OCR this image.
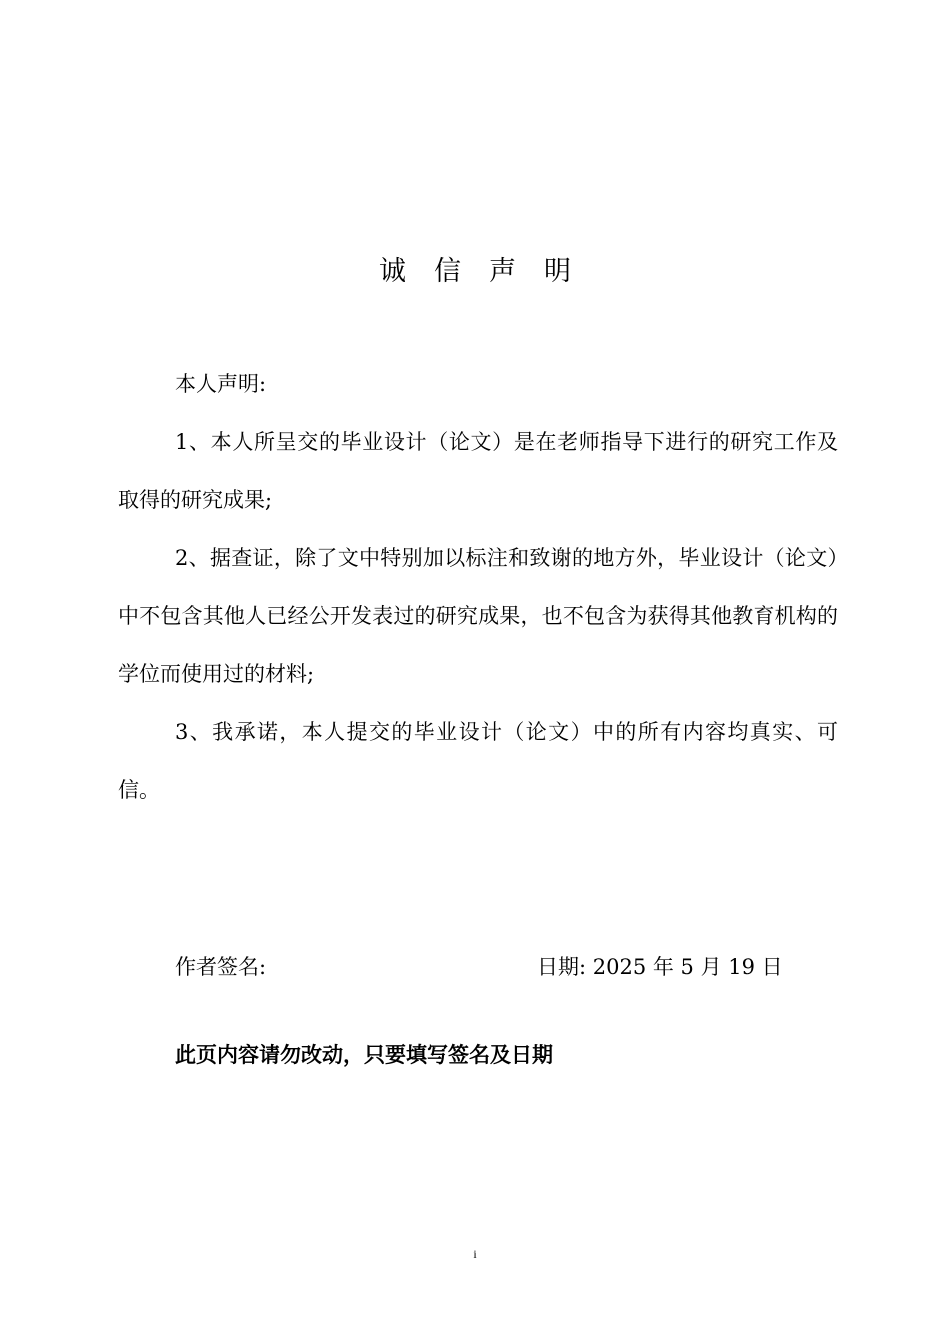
诚信声明

本人声明:

1、本人所呈交的毕业设计（论文）是在老师指导下进行的研究工作及取得的研究成果;

2、据查证，除了文中特别加以标注和致谢的地方外，毕业设计（论文）中不包含其他人已经公开发表过的研究成果，也不包含为获得其他教育机构的学位而使用过的材料;

3、我承诺，本人提交的毕业设计（论文）中的所有内容均真实、可信。

作者签名:	日期: 2025 年 5 月 19 日
此页内容请勿改动，只要填写签名及日期
i
